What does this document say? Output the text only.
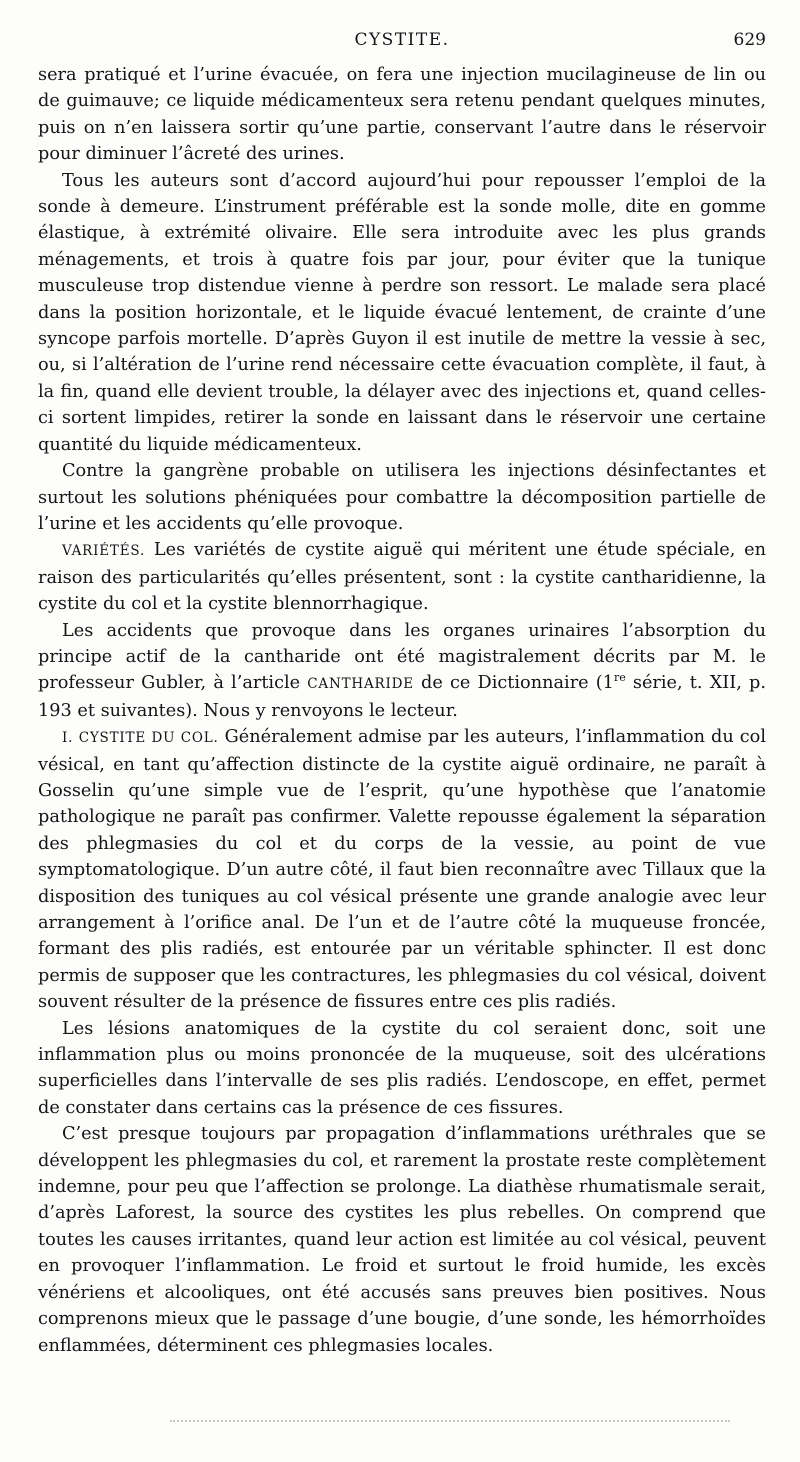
CYSTITE.	629

sera pratiqué et l’urine évacuée, on fera une injection mucilagineuse de lin ou de guimauve; ce liquide médicamenteux sera retenu pendant quelques minutes, puis on n’en laissera sortir qu’une partie, conservant l’autre dans le réservoir pour diminuer l’âcreté des urines.

Tous les auteurs sont d’accord aujourd’hui pour repousser l’emploi de la sonde à demeure. L’instrument préférable est la sonde molle, dite en gomme élastique, à extrémité olivaire. Elle sera introduite avec les plus grands ménagements, et trois à quatre fois par jour, pour éviter que la tunique musculeuse trop distendue vienne à perdre son ressort. Le malade sera placé dans la position horizontale, et le liquide évacué lentement, de crainte d’une syncope parfois mortelle. D’après Guyon il est inutile de mettre la vessie à sec, ou, si l’altération de l’urine rend nécessaire cette évacuation complète, il faut, à la fin, quand elle devient trouble, la délayer avec des injections et, quand celles-ci sortent limpides, retirer la sonde en laissant dans le réservoir une certaine quantité du liquide médicamenteux.

Contre la gangrène probable on utilisera les injections désinfectantes et surtout les solutions phéniquées pour combattre la décomposition partielle de l’urine et les accidents qu’elle provoque.

VARIÉTÉS. Les variétés de cystite aiguë qui méritent une étude spéciale, en raison des particularités qu’elles présentent, sont : la cystite cantharidienne, la cystite du col et la cystite blennorrhagique.

Les accidents que provoque dans les organes urinaires l’absorption du principe actif de la cantharide ont été magistralement décrits par M. le professeur Gubler, à l’article CANTHARIDE de ce Dictionnaire (1re série, t. XII, p. 193 et suivantes). Nous y renvoyons le lecteur.

I. CYSTITE DU COL. Généralement admise par les auteurs, l’inflammation du col vésical, en tant qu’affection distincte de la cystite aiguë ordinaire, ne paraît à Gosselin qu’une simple vue de l’esprit, qu’une hypothèse que l’anatomie pathologique ne paraît pas confirmer. Valette repousse également la séparation des phlegmasies du col et du corps de la vessie, au point de vue symptomatologique. D’un autre côté, il faut bien reconnaître avec Tillaux que la disposition des tuniques au col vésical présente une grande analogie avec leur arrangement à l’orifice anal. De l’un et de l’autre côté la muqueuse froncée, formant des plis radiés, est entourée par un véritable sphincter. Il est donc permis de supposer que les contractures, les phlegmasies du col vésical, doivent souvent résulter de la présence de fissures entre ces plis radiés.

Les lésions anatomiques de la cystite du col seraient donc, soit une inflammation plus ou moins prononcée de la muqueuse, soit des ulcérations superficielles dans l’intervalle de ses plis radiés. L’endoscope, en effet, permet de constater dans certains cas la présence de ces fissures.

C’est presque toujours par propagation d’inflammations uréthrales que se développent les phlegmasies du col, et rarement la prostate reste complètement indemne, pour peu que l’affection se prolonge. La diathèse rhumatismale serait, d’après Laforest, la source des cystites les plus rebelles. On comprend que toutes les causes irritantes, quand leur action est limitée au col vésical, peuvent en provoquer l’inflammation. Le froid et surtout le froid humide, les excès vénériens et alcooliques, ont été accusés sans preuves bien positives. Nous comprenons mieux que le passage d’une bougie, d’une sonde, les hémorrhoïdes enflammées, déterminent ces phlegmasies locales.
